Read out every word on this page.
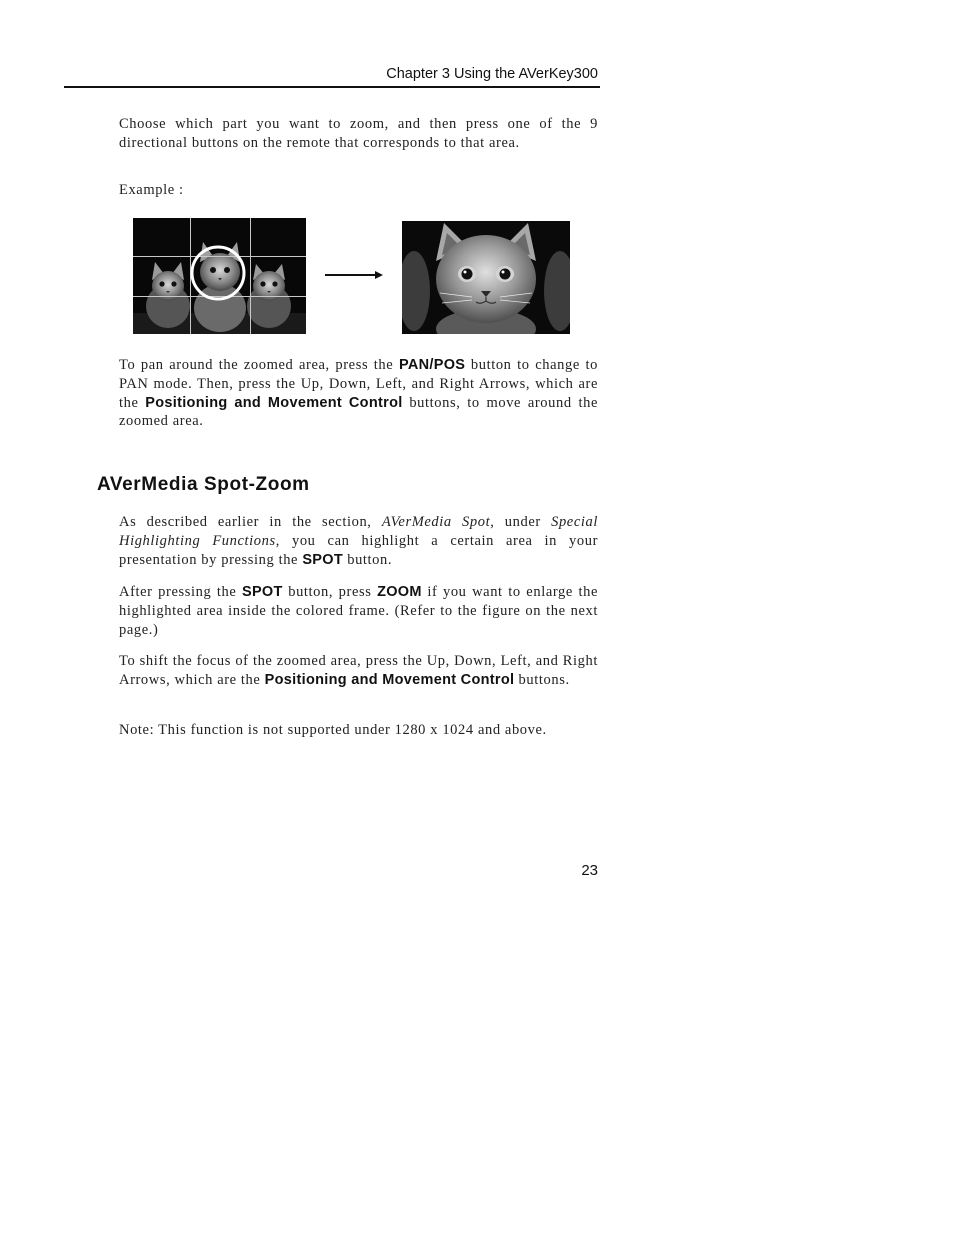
Chapter 3 Using the AVerKey300

Choose which part you want to zoom, and then press one of the 9 directional buttons on the remote that corresponds to that area.

Example :

To pan around the zoomed area, press the PAN/POS button to change to PAN mode. Then, press the Up, Down, Left, and Right Arrows, which are the Positioning and Movement Control buttons, to move around the zoomed area.

AVerMedia Spot-Zoom

As described earlier in the section, AVerMedia Spot, under Special Highlighting Functions, you can highlight a certain area in your presentation by pressing the SPOT button.

After pressing the SPOT button, press ZOOM if you want to enlarge the highlighted area inside the colored frame. (Refer to the figure on the next page.)

To shift the focus of the zoomed area, press the Up, Down, Left, and Right Arrows, which are the Positioning and Movement Control buttons.

Note: This function is not supported under 1280 x 1024 and above.

23
